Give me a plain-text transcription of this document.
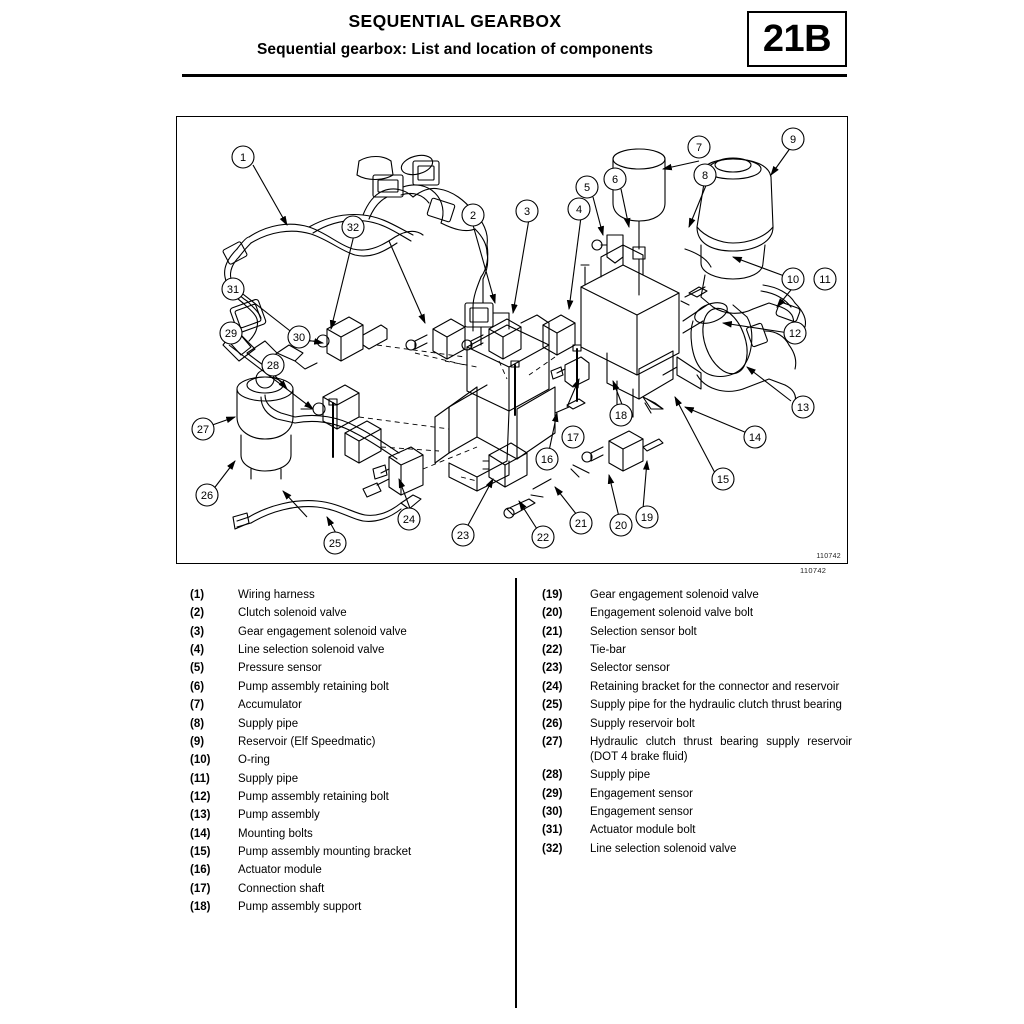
SEQUENTIAL GEARBOX
Sequential gearbox: List and location of components	21B
1
2	3	4
5
6
7
8
9
10 11
12
13
14
15
16
17
18
19
20
21
22
23
24
25
26
27
28
29	30
31
32
110742
110742
(1)	Wiring harness
(2)	Clutch solenoid valve
(3)	Gear engagement solenoid valve
(4)	Line selection solenoid valve
(5)	Pressure sensor
(6)	Pump assembly retaining bolt
(7)	Accumulator
(8)	Supply pipe
(9)	Reservoir (Elf Speedmatic)
(10)	O-ring
(11)	Supply pipe
(12)	Pump assembly retaining bolt
(13)	Pump assembly
(14)	Mounting bolts
(15)	Pump assembly mounting bracket
(16)	Actuator module
(17)	Connection shaft
(18)	Pump assembly support
(19)	Gear engagement solenoid valve
(20)	Engagement solenoid valve bolt
(21)	Selection sensor bolt
(22)	Tie-bar
(23)	Selector sensor
(24)	Retaining bracket for the connector and reservoir
(25)	Supply pipe for the hydraulic clutch thrust bearing
(26)	Supply reservoir bolt
(27)	Hydraulic clutch thrust bearing supply reservoir (DOT 4 brake fluid)
(28)	Supply pipe
(29)	Engagement sensor
(30)	Engagement sensor
(31)	Actuator module bolt
(32)	Line selection solenoid valve
